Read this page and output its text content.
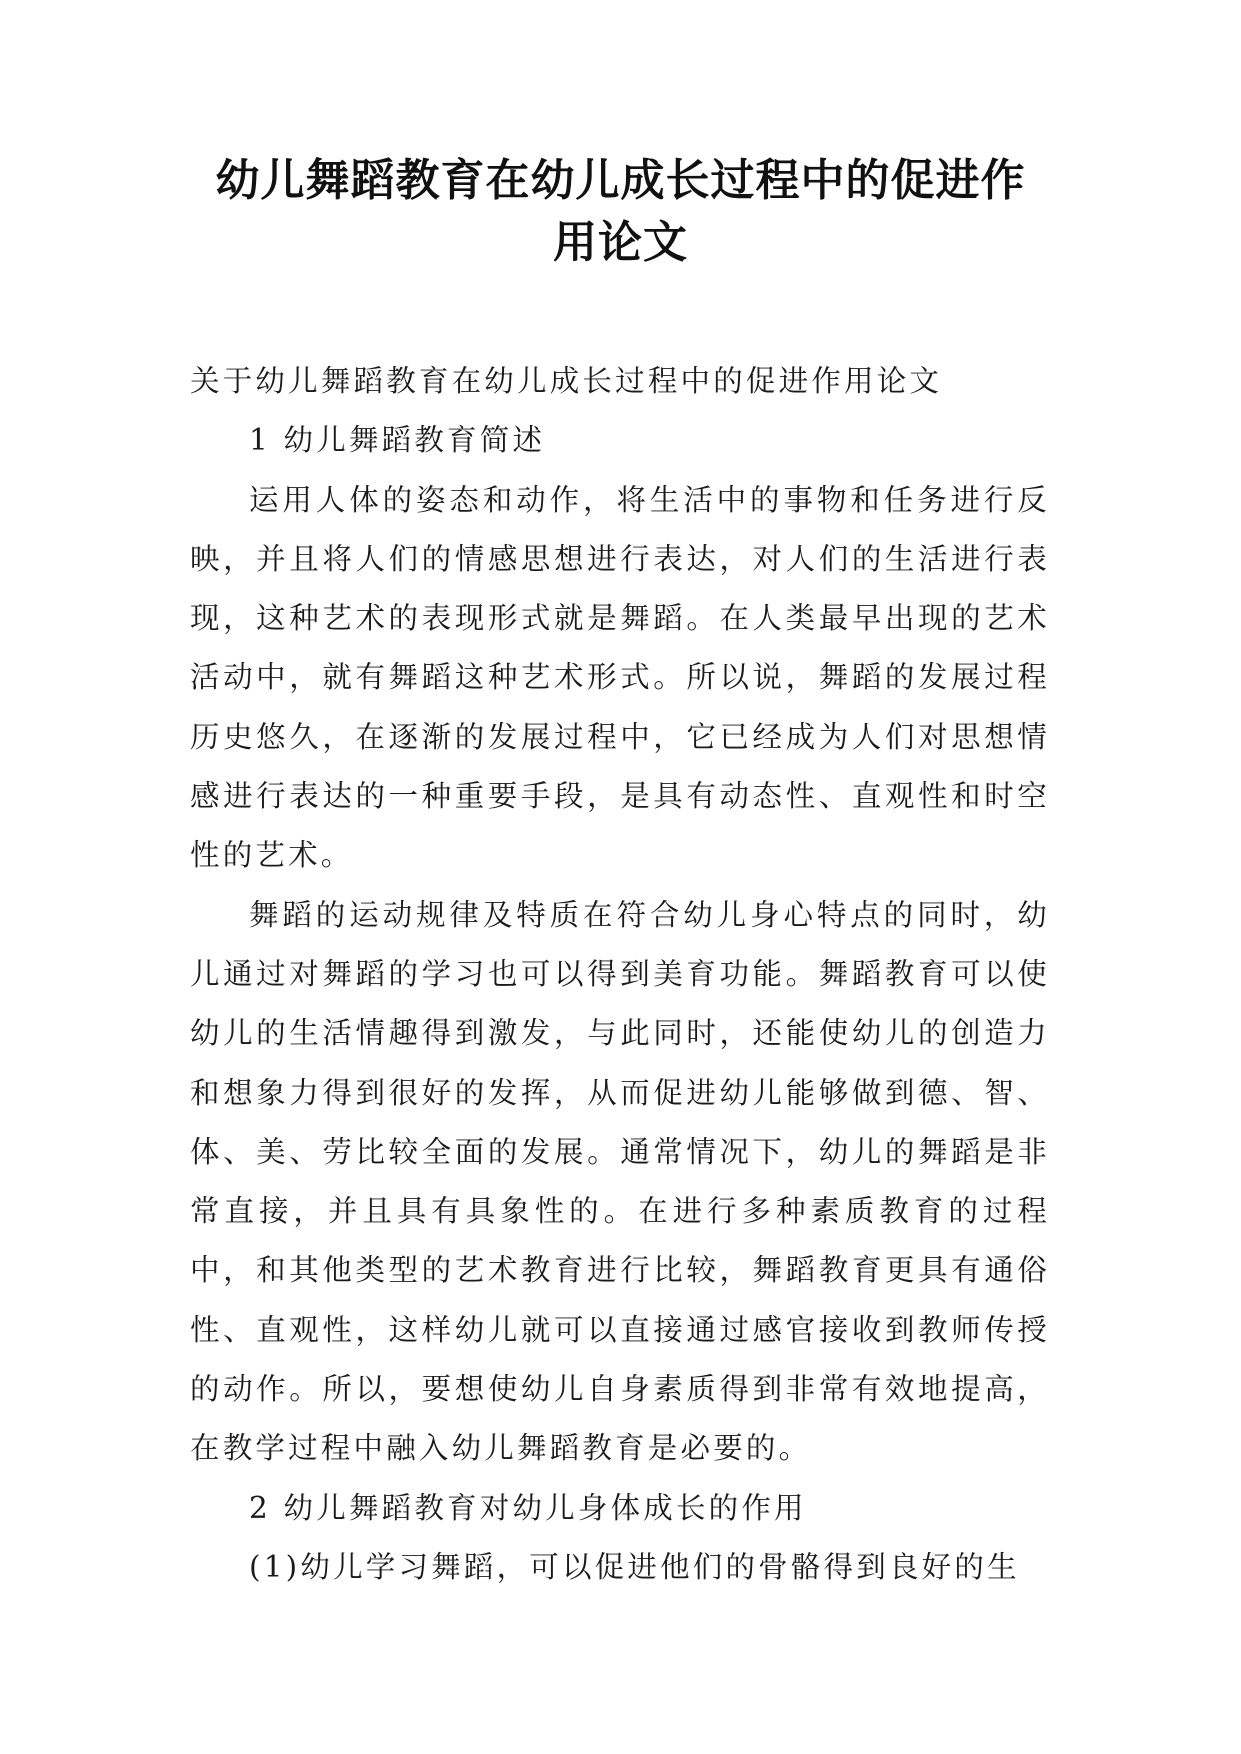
幼儿舞蹈教育在幼儿成长过程中的促进作
用论文

关于幼儿舞蹈教育在幼儿成长过程中的促进作用论文

1 幼儿舞蹈教育简述

运用人体的姿态和动作，将生活中的事物和任务进行反映，并且将人们的情感思想进行表达，对人们的生活进行表现，这种艺术的表现形式就是舞蹈。在人类最早出现的艺术活动中，就有舞蹈这种艺术形式。所以说，舞蹈的发展过程历史悠久，在逐渐的发展过程中，它已经成为人们对思想情感进行表达的一种重要手段，是具有动态性、直观性和时空性的艺术。

舞蹈的运动规律及特质在符合幼儿身心特点的同时，幼儿通过对舞蹈的学习也可以得到美育功能。舞蹈教育可以使幼儿的生活情趣得到激发，与此同时，还能使幼儿的创造力和想象力得到很好的发挥，从而促进幼儿能够做到德、智、体、美、劳比较全面的发展。通常情况下，幼儿的舞蹈是非常直接，并且具有具象性的。在进行多种素质教育的过程中，和其他类型的艺术教育进行比较，舞蹈教育更具有通俗性、直观性，这样幼儿就可以直接通过感官接收到教师传授的动作。所以，要想使幼儿自身素质得到非常有效地提高，在教学过程中融入幼儿舞蹈教育是必要的。

2 幼儿舞蹈教育对幼儿身体成长的作用

(1)幼儿学习舞蹈，可以促进他们的骨骼得到良好的生
